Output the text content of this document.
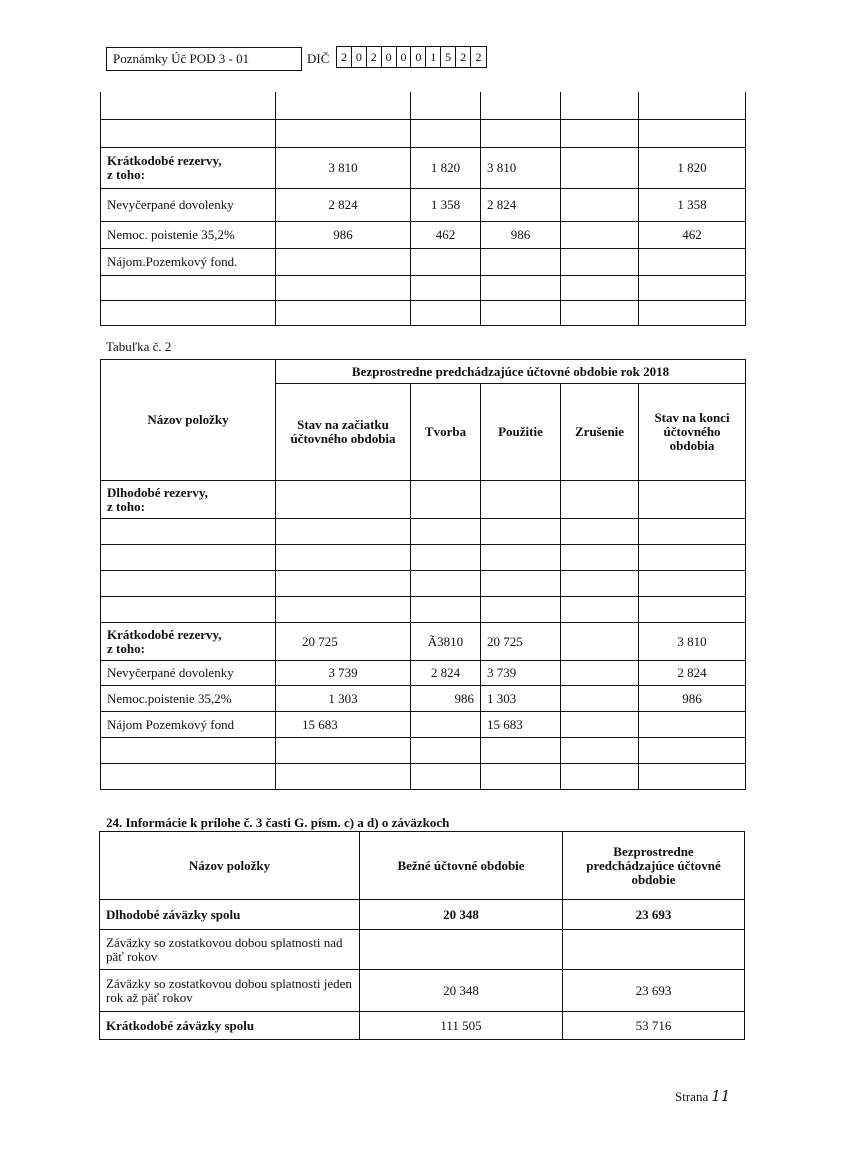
Poznámky Úč POD 3 - 01	DIČ 2 0 2 0 0 0 1 5 2 2

Krátkodobé rezervy,
z toho:	3 810	1 820	3 810		1 820
Nevyčerpané dovolenky	2 824	1 358	2 824		1 358
Nemoc. poistenie 35,2%	986	462	986		462
Nájom.Pozemkový fond.					

Tabuľka č. 2
Názov položky	Bezprostredne predchádzajúce účtovné obdobie rok 2018				
	Stav na začiatku účtovného obdobia	Tvorba	Použitie	Zrušenie	Stav na konci účtovného obdobia

Dlhodobé rezervy,
z toho:					

Krátkodobé rezervy,
z toho:	20 725	Ã3810	20 725		3 810
Nevyčerpané dovolenky	3 739	2 824	3 739		2 824
Nemoc.poistenie 35,2%	1 303	986	1 303		986
Nájom Pozemkový fond	15 683		15 683		

24. Informácie k prílohe č. 3 časti G. písm. c) a d) o záväzkoch
Názov položky	Bežné účtovné obdobie	Bezprostredne predchádzajúce účtovné obdobie
Dlhodobé záväzky spolu	20 348	23 693
Záväzky so zostatkovou dobou splatnosti nad päť rokov		
Záväzky so zostatkovou dobou splatnosti jeden rok až päť rokov	20 348	23 693
Krátkodobé záväzky spolu	111 505	53 716
Strana 11
